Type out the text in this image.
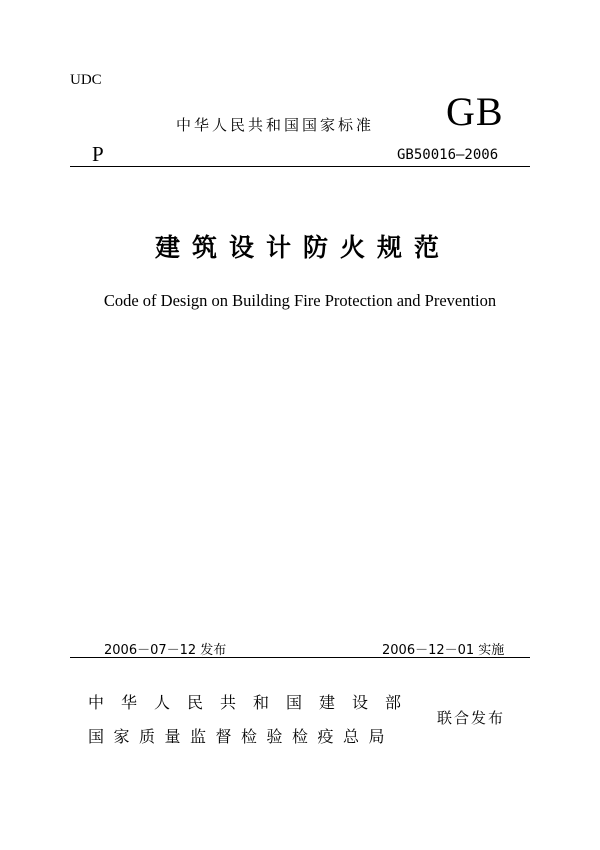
UDC
中华人民共和国国家标准 GB
P	GB50016—2006
建筑设计防火规范
Code of Design on Building Fire Protection and Prevention
2006－07－12 发布	2006－12－01 实施
中华人民共和国建设部
国家质量监督检验检疫总局
联合发布
